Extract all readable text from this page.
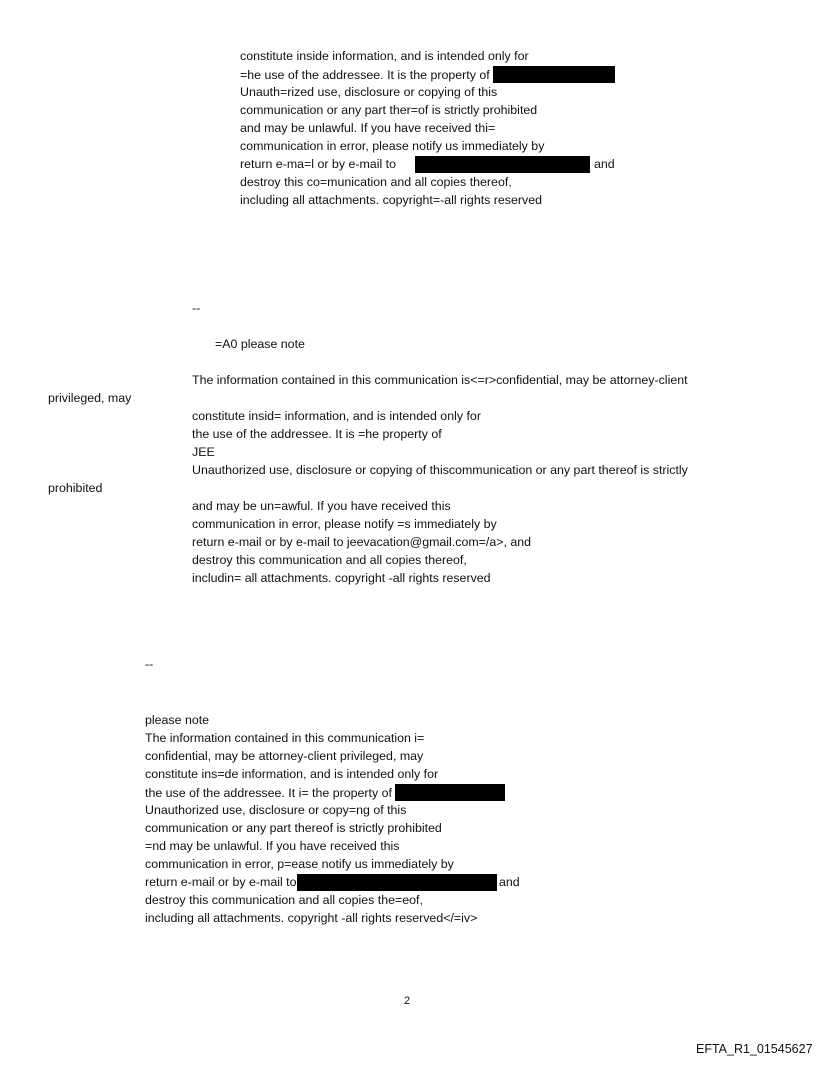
constitute inside information, and is intended only for
=he use of the addressee. It is the property of
Unauth=rized use, disclosure or copying of this
communication or any part ther=of is strictly prohibited
and may be unlawful. If you have received thi=
communication in error, please notify us immediately by
return e-ma=l or by e-mail to	and
destroy this co=munication and all copies thereof,
including all attachments. copyright=-all rights reserved
--
=A0 please note
The information contained in this communication is<=r>confidential, may be attorney-client
privileged, may
constitute insid= information, and is intended only for
the use of the addressee. It is =he property of
JEE
Unauthorized use, disclosure or copying of thiscommunication or any part thereof is strictly
prohibited
and may be un=awful. If you have received this
communication in error, please notify =s immediately by
return e-mail or by e-mail to jeevacation@gmail.com=/a>, and
destroy this communication and all copies thereof,
includin= all attachments. copyright -all rights reserved
--
please note
The information contained in this communication i=
confidential, may be attorney-client privileged, may
constitute ins=de information, and is intended only for
the use of the addressee. It i= the property of
Unauthorized use, disclosure or copy=ng of this
communication or any part thereof is strictly prohibited
=nd may be unlawful. If you have received this
communication in error, p=ease notify us immediately by
return e-mail or by e-mail to	and
destroy this communication and all copies the=eof,
including all attachments. copyright -all rights reserved</=iv>
2
EFTA_R1_01545627
